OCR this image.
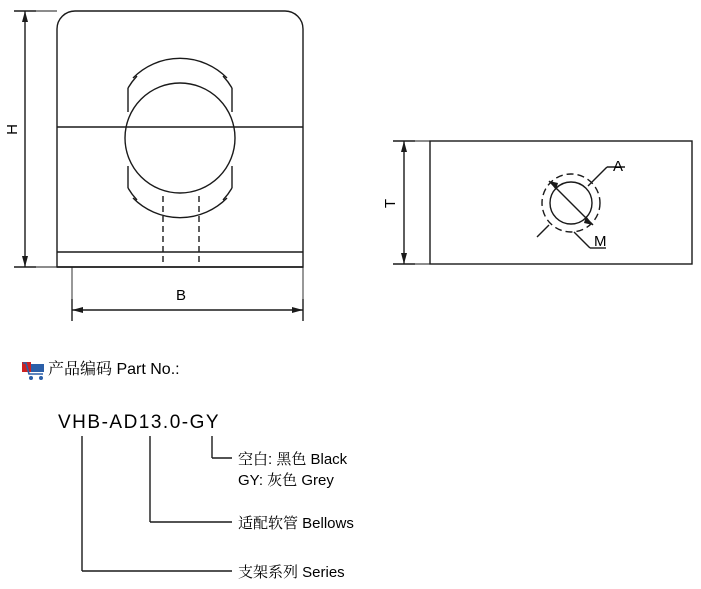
H
B
T
A
M
产品编码 Part No.:
VHB-AD13.0-GY
空白: 黑色 Black
GY: 灰色 Grey
适配软管 Bellows
支架系列 Series
